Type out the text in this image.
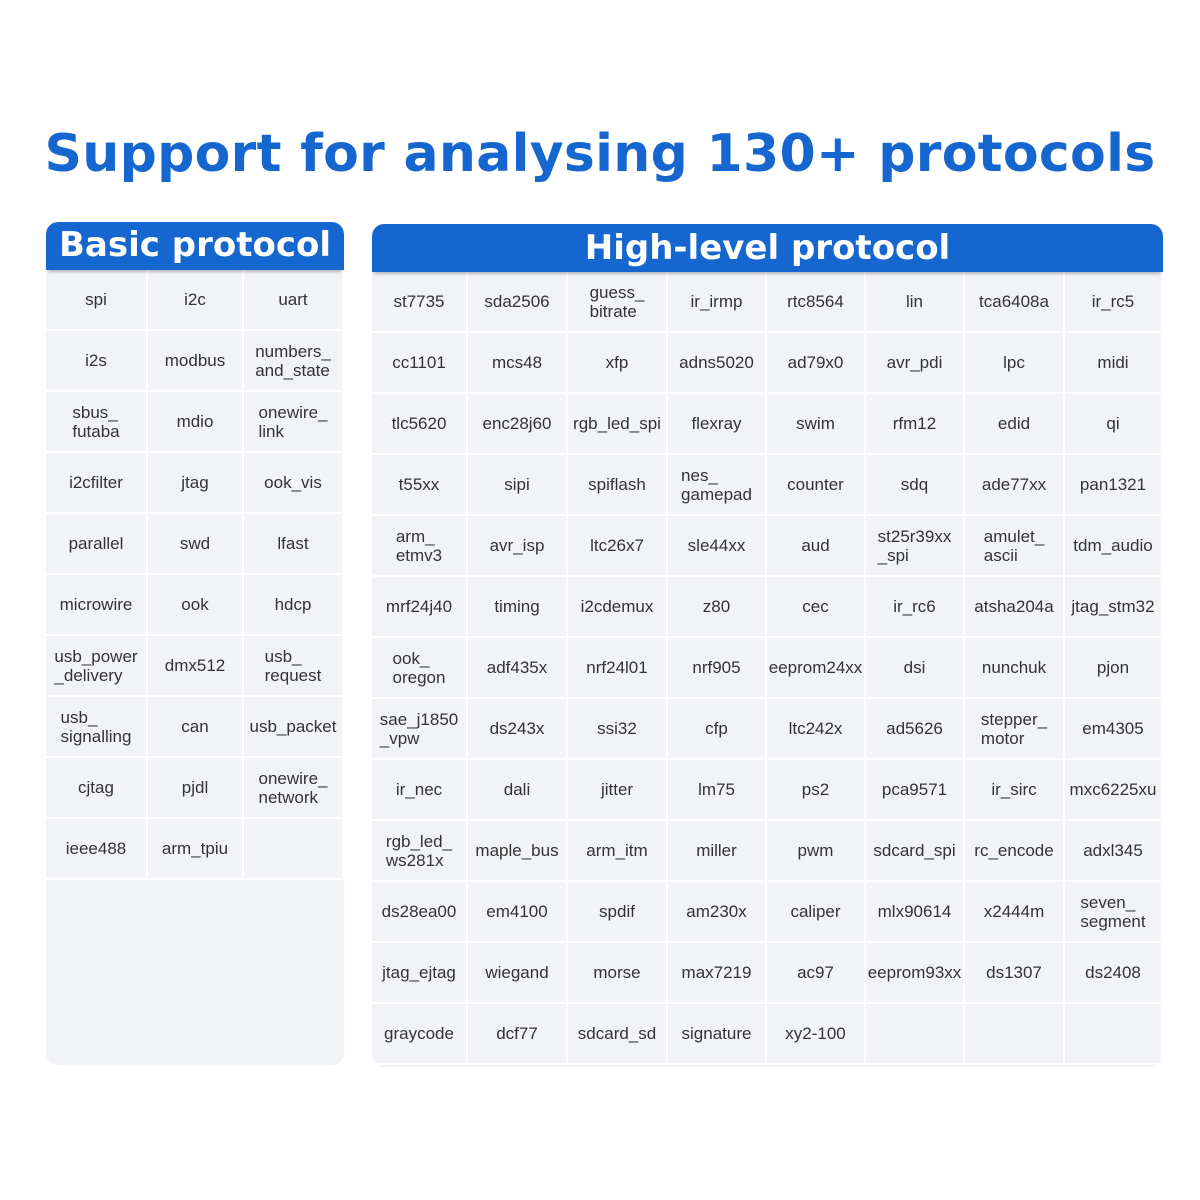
Support for analysing 130+ protocols
Basic protocol
spi	i2c	uart
i2s	modbus	numbers_
and_state
sbus_
futaba	mdio	onewire_
link
i2cfilter	jtag	ook_vis
parallel	swd	lfast
microwire	ook	hdcp
usb_power
_delivery	dmx512	usb_
request
usb_
signalling	can	usb_packet
cjtag	pjdl	onewire_
network
ieee488	arm_tpiu
High-level protocol
st7735	sda2506	guess_
bitrate	ir_irmp	rtc8564	lin	tca6408a	ir_rc5
cc1101	mcs48	xfp	adns5020	ad79x0	avr_pdi	lpc	midi
tlc5620	enc28j60	rgb_led_spi	flexray	swim	rfm12	edid	qi
t55xx	sipi	spiflash	nes_
gamepad	counter	sdq	ade77xx	pan1321
arm_
etmv3	avr_isp	ltc26x7	sle44xx	aud	st25r39xx
_spi
amulet_
ascii	tdm_audio
mrf24j40	timing	i2cdemux	z80	cec	ir_rc6	atsha204a	jtag_stm32
ook_
oregon	adf435x	nrf24l01	nrf905	eeprom24xx	dsi	nunchuk	pjon
sae_j1850
_vpw	ds243x	ssi32	cfp	ltc242x	ad5626	stepper_
motor	em4305
ir_nec	dali	jitter	lm75	ps2	pca9571	ir_sirc	mxc6225xu
rgb_led_
ws281x	maple_bus	arm_itm	miller	pwm	sdcard_spi	rc_encode	adxl345
ds28ea00	em4100	spdif	am230x	caliper	mlx90614	x2444m	seven_
segment
jtag_ejtag	wiegand	morse	max7219	ac97	eeprom93xx	ds1307	ds2408
graycode	dcf77	sdcard_sd	signature	xy2-100
